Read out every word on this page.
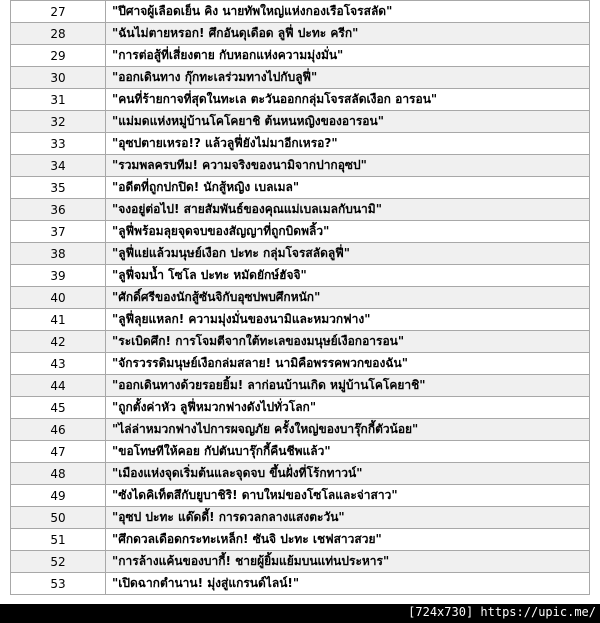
27	"ปีศาจผู้เลือดเย็น คิง นายทัพใหญ่แห่งกองเรือโจรสลัด"
28	"ฉันไม่ตายหรอก! ศึกอันดุเดือด ลูฟี่ ปะทะ ครีก"
29	"การต่อสู้ที่เสี่ยงตาย กับหอกแห่งความมุ่งมั่น"
30	"ออกเดินทาง กุ๊กทะเลร่วมทางไปกับลูฟี่"
31	"คนที่ร้ายกาจที่สุดในทะเล ตะวันออกกลุ่มโจรสลัดเงือก อารอน"
32	"แม่มดแห่งหมู่บ้านโคโคยาชิ ต้นหนหญิงของอารอน"
33	"อุซปตายเหรอ!? แล้วลูฟี่ยังไม่มาอีกเหรอ?"
34	"รวมพลครบทีม! ความจริงของนามิจากปากอุซป"
35	"อดีตที่ถูกปกปิด! นักสู้หญิง เบลเมล"
36	"จงอยู่ต่อไป! สายสัมพันธ์ของคุณแม่เบลเมลกับนามิ"
37	"ลูฟี่พร้อมลุยจุดจบของสัญญาที่ถูกบิดพลิ้ว"
38	"ลูฟี่แย่แล้วมนุษย์เงือก ปะทะ กลุ่มโจรสลัดลูฟี่"
39	"ลูฟี่จมน้ำ โซโล ปะทะ หมัดยักษ์ฮัจจิ"
40	"ศักดิ์ศรีของนักสู้ซันจิกับอุซปพบศึกหนัก"
41	"ลูฟี่ลุยแหลก! ความมุ่งมั่นของนามิและหมวกฟาง"
42	"ระเบิดศึก! การโจมตีจากใต้ทะเลของมนุษย์เงือกอารอน"
43	"จักรวรรดิมนุษย์เงือกล่มสลาย! นามิคือพรรคพวกของฉัน"
44	"ออกเดินทางด้วยรอยยิ้ม! ลาก่อนบ้านเกิด หมู่บ้านโคโคยาชิ"
45	"ถูกตั้งค่าหัว ลูฟี่หมวกฟางดังไปทั่วโลก"
46	"ไล่ล่าหมวกฟางไปการผจญภัย ครั้งใหญ่ของบารุ๊กกี้ตัวน้อย"
47	"ขอโทษทีให้คอย กัปตันบารุ๊กกี้คืนชีพแล้ว"
48	"เมืองแห่งจุดเริ่มต้นและจุดจบ ขึ้นฝั่งที่โร้กทาวน์"
49	"ซังไดคิเท็ตสึกับยูบาชิริ! ดาบใหม่ของโซโลและจ่าสาว"
50	"อุซป ปะทะ แด๊ดดี้! การดวลกลางแสงตะวัน"
51	"ศึกดวลเดือดกระทะเหล็ก! ซันจิ ปะทะ เชฟสาวสวย"
52	"การล้างแค้นของบากี้! ชายผู้ยิ้มแย้มบนแท่นประหาร"
53	"เปิดฉากตำนาน! มุ่งสู่แกรนด์ไลน์!"
[724x730] https://upic.me/
